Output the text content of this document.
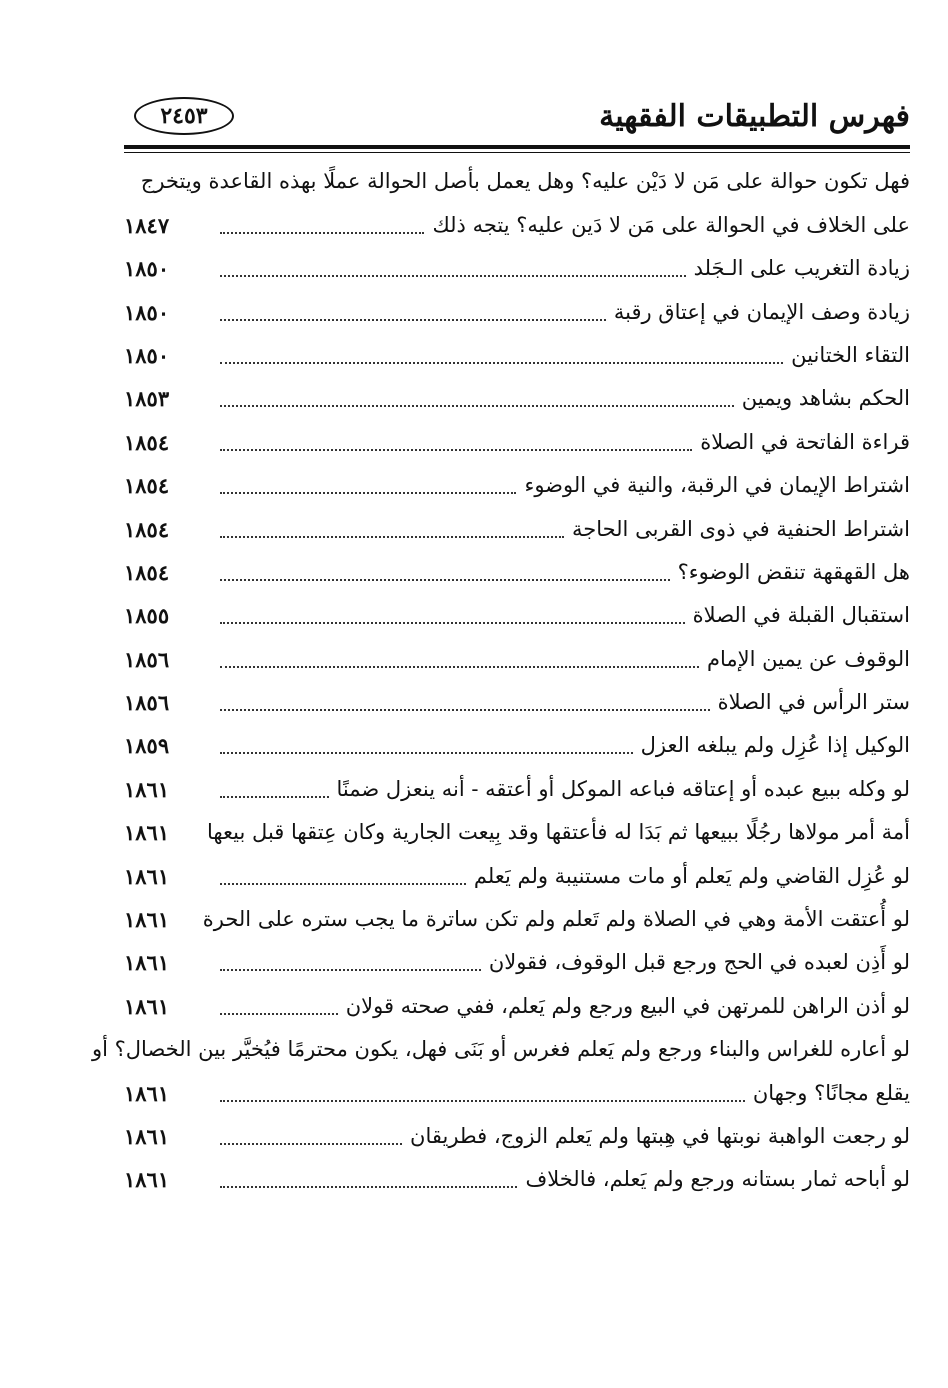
فهرس التطبيقات الفقهية
٢٤٥٣
فهل تكون حوالة على مَن لا دَيْن عليه؟ وهل يعمل بأصل الحوالة عملًا بهذه القاعدة ويتخرج
على الخلاف في الحوالة على مَن لا دَين عليه؟ يتجه ذلك
١٨٤٧
زيادة التغريب على الـجَلد
١٨٥٠
زيادة وصف الإيمان في إعتاق رقبة
١٨٥٠
التقاء الختانين
١٨٥٠
الحكم بشاهد ويمين
١٨٥٣
قراءة الفاتحة في الصلاة
١٨٥٤
اشتراط الإيمان في الرقبة، والنية في الوضوء
١٨٥٤
اشتراط الحنفية في ذوى القربى الحاجة
١٨٥٤
هل القهقهة تنقض الوضوء؟
١٨٥٤
استقبال القبلة في الصلاة
١٨٥٥
الوقوف عن يمين الإمام
١٨٥٦
ستر الرأس في الصلاة
١٨٥٦
الوكيل إذا عُزِل ولم يبلغه العزل
١٨٥٩
لو وكله ببيع عبده أو إعتاقه فباعه الموكل أو أعتقه - أنه ينعزل ضمنًا
١٨٦١
أمة أمر مولاها رجُلًا ببيعها ثم بَدَا له فأعتقها وقد بِيعت الجارية وكان عِتقها قبل بيعها
١٨٦١
لو عُزِل القاضي ولم يَعلم أو مات مستنيبة ولم يَعلم
١٨٦١
لو أُعتقت الأمة وهي في الصلاة ولم تَعلم ولم تكن ساترة ما يجب ستره على الحرة
١٨٦١
لو أَذِن لعبده في الحج ورجع قبل الوقوف، فقولان
١٨٦١
لو أذن الراهن للمرتهن في البيع ورجع ولم يَعلم، ففي صحته قولان
١٨٦١
لو أعاره للغراس والبناء ورجع ولم يَعلم فغرس أو بَنَى فهل، يكون محترمًا فيُخيَّر بين الخصال؟ أو
يقلع مجانًا؟ وجهان
١٨٦١
لو رجعت الواهبة نوبتها في هِبتها ولم يَعلم الزوج، فطريقان
١٨٦١
لو أباحه ثمار بستانه ورجع ولم يَعلم، فالخلاف
١٨٦١
